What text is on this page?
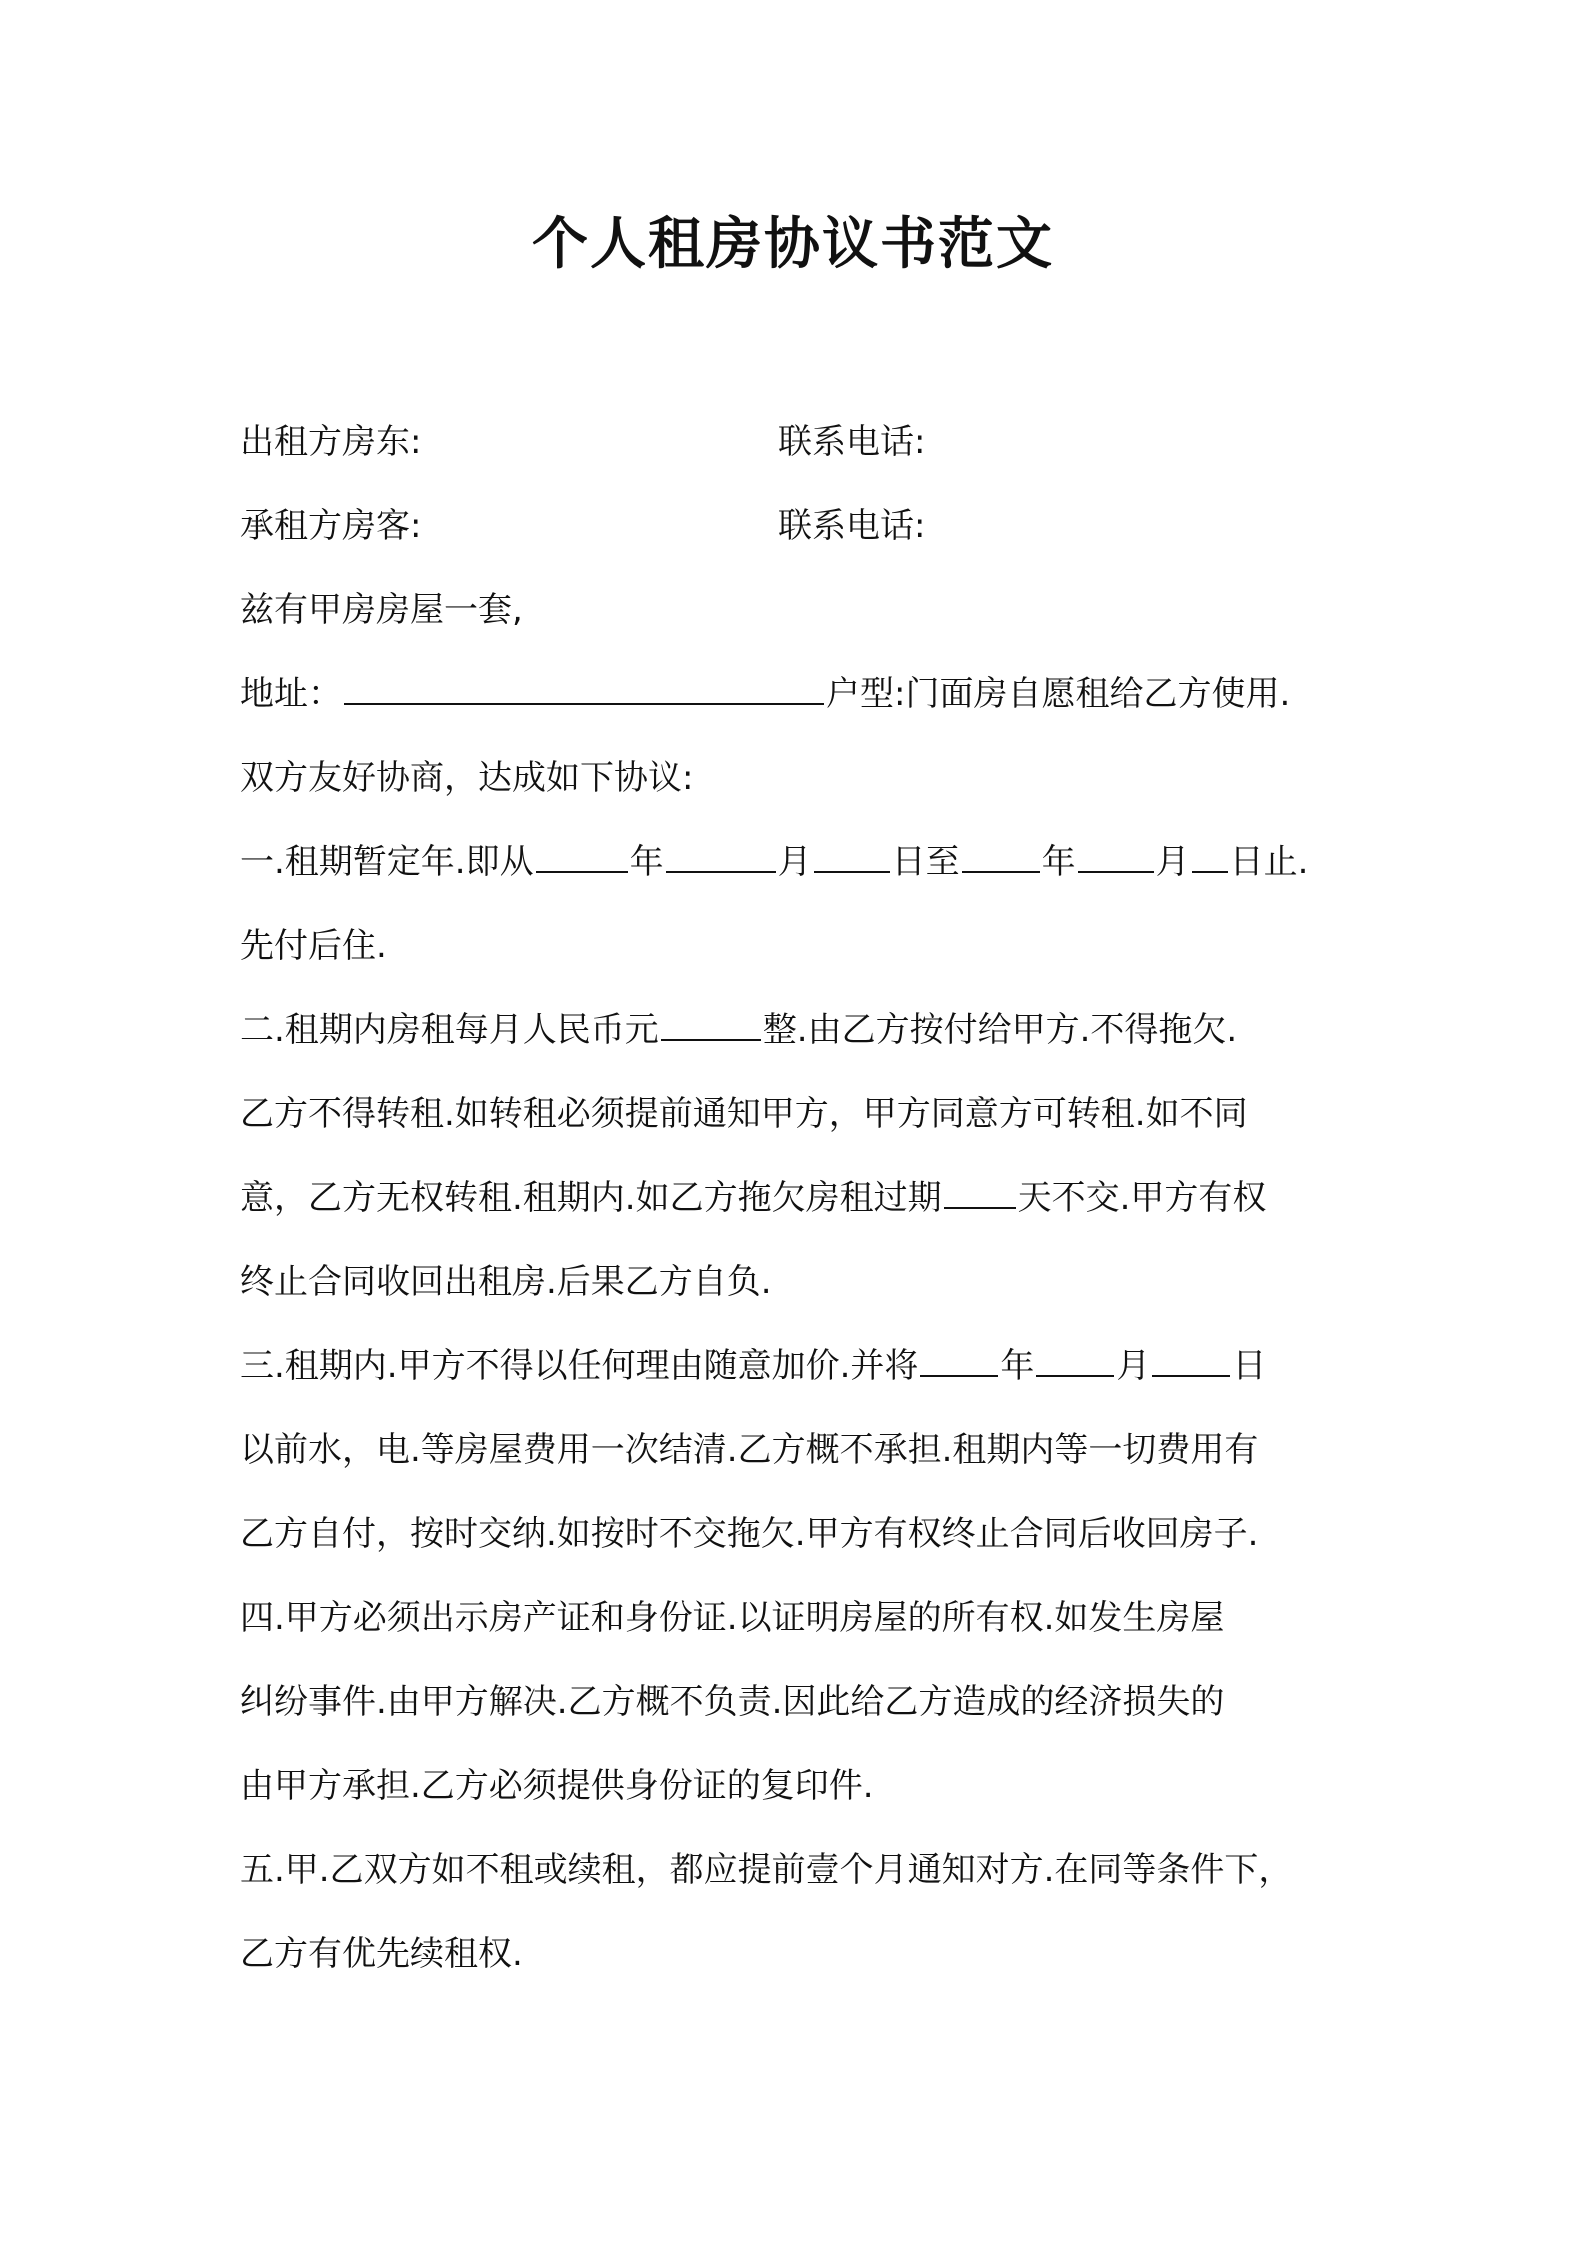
个人租房协议书范文
出租方房东:	联系电话:
承租方房客:	联系电话:
兹有甲房房屋一套,
地址：	户型:门面房自愿租给乙方使用.
双方友好协商，达成如下协议:
一.租期暂定年.即从	年	月 日至 年 月 日止.
先付后住.
二.租期内房租每月人民币元	整.由乙方按付给甲方.不得拖欠.
乙方不得转租.如转租必须提前通知甲方，甲方同意方可转租.如不同
意，乙方无权转租.租期内.如乙方拖欠房租过期 天不交.甲方有权
终止合同收回出租房.后果乙方自负.
三.租期内.甲方不得以任何理由随意加价.并将 年 月 日
以前水，电.等房屋费用一次结清.乙方概不承担.租期内等一切费用有
乙方自付，按时交纳.如按时不交拖欠.甲方有权终止合同后收回房子.
四.甲方必须出示房产证和身份证.以证明房屋的所有权.如发生房屋
纠纷事件.由甲方解决.乙方概不负责.因此给乙方造成的经济损失的
由甲方承担.乙方必须提供身份证的复印件.
五.甲.乙双方如不租或续租，都应提前壹个月通知对方.在同等条件下，
乙方有优先续租权.
